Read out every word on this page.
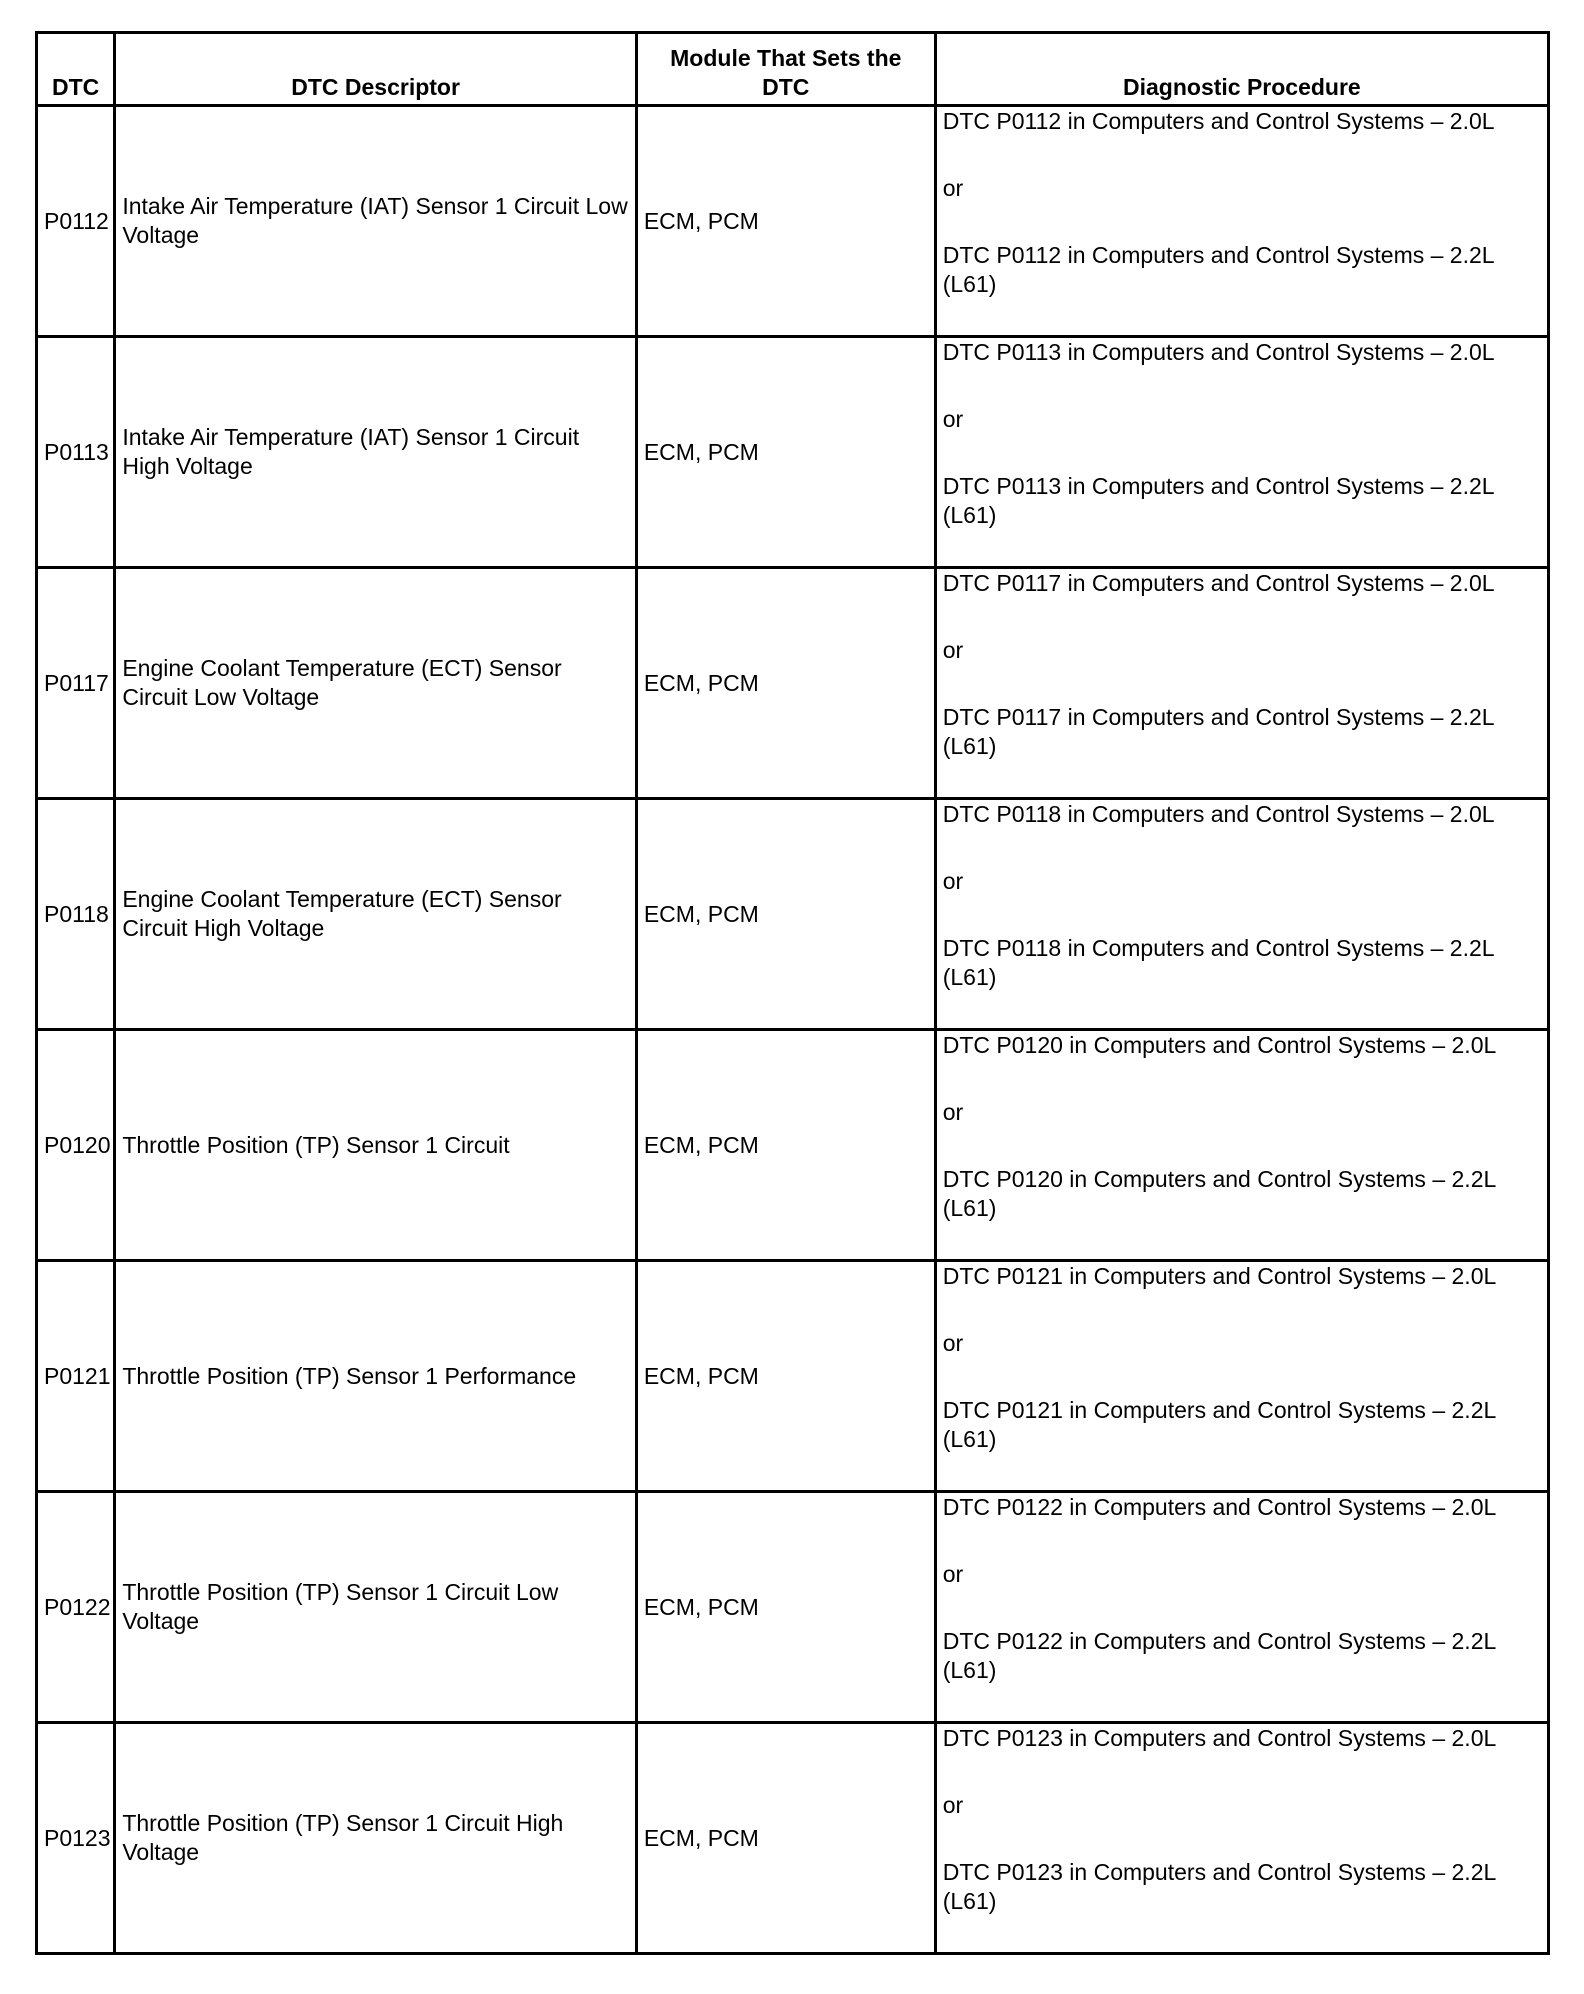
DTC	DTC Descriptor	Module That Sets the DTC	Diagnostic Procedure
P0112	Intake Air Temperature (IAT) Sensor 1 Circuit Low Voltage	ECM, PCM	DTC P0112 in Computers and Control Systems – 2.0L
or
DTC P0112 in Computers and Control Systems – 2.2L (L61)

P0113	Intake Air Temperature (IAT) Sensor 1 Circuit High Voltage	ECM, PCM	DTC P0113 in Computers and Control Systems – 2.0L
or
DTC P0113 in Computers and Control Systems – 2.2L (L61)

P0117	Engine Coolant Temperature (ECT) Sensor Circuit Low Voltage	ECM, PCM	DTC P0117 in Computers and Control Systems – 2.0L
or
DTC P0117 in Computers and Control Systems – 2.2L (L61)

P0118	Engine Coolant Temperature (ECT) Sensor Circuit High Voltage	ECM, PCM	DTC P0118 in Computers and Control Systems – 2.0L
or
DTC P0118 in Computers and Control Systems – 2.2L (L61)

P0120	Throttle Position (TP) Sensor 1 Circuit	ECM, PCM	DTC P0120 in Computers and Control Systems – 2.0L
or
DTC P0120 in Computers and Control Systems – 2.2L (L61)

P0121	Throttle Position (TP) Sensor 1 Performance	ECM, PCM	DTC P0121 in Computers and Control Systems – 2.0L
or
DTC P0121 in Computers and Control Systems – 2.2L (L61)

P0122	Throttle Position (TP) Sensor 1 Circuit Low Voltage	ECM, PCM	DTC P0122 in Computers and Control Systems – 2.0L
or
DTC P0122 in Computers and Control Systems – 2.2L (L61)

P0123	Throttle Position (TP) Sensor 1 Circuit High Voltage	ECM, PCM	DTC P0123 in Computers and Control Systems – 2.0L
or
DTC P0123 in Computers and Control Systems – 2.2L (L61)
